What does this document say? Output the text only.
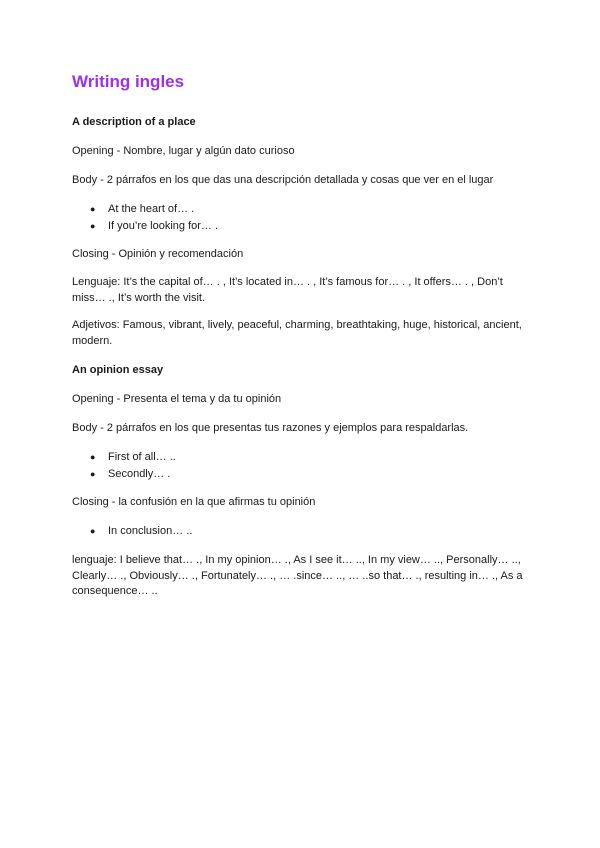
Writing ingles

A description of a place

Opening - Nombre, lugar y algún dato curioso

Body - 2 párrafos en los que das una descripción detallada y cosas que ver en el lugar

● At the heart of… .
● If you’re looking for… .

Closing - Opinión y recomendación

Lenguaje: It’s the capital of… . , It’s located in… . , It’s famous for… . , It offers… . , Don’t miss… ., It’s worth the visit.

Adjetivos: Famous, vibrant, lively, peaceful, charming, breathtaking, huge, historical, ancient, modern.

An opinion essay

Opening - Presenta el tema y da tu opinión

Body - 2 párrafos en los que presentas tus razones y ejemplos para respaldarlas.

● First of all… ..
● Secondly… .

Closing - la confusión en la que afirmas tu opinión

● In conclusion… ..

lenguaje: I believe that… ., In my opinion… ., As I see it… .., In my view… .., Personally… .., Clearly… ., Obviously… ., Fortunately… ., … .since… .., … ..so that… ., resulting in… ., As a consequence… ..
